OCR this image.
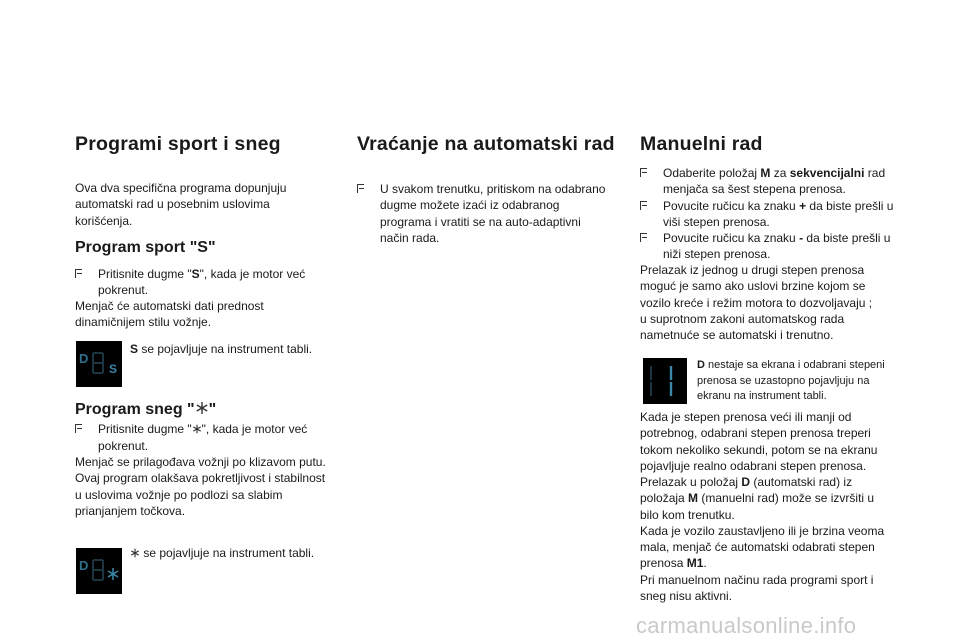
Programi sport i sneg
Ova dva specifična programa dopunjuju
automatski rad u posebnim uslovima
korišćenja.
Program sport "S"
Pritisnite dugme "S", kada je motor već
pokrenut.
Menjač će automatski dati prednost
dinamičnijem stilu vožnje.
D
S
S se pojavljuje na instrument tabli.
Program sneg " "
Pritisnite dugme " ", kada je motor već
pokrenut.
Menjač se prilagođava vožnji po klizavom putu.
Ovaj program olakšava pokretljivost i stabilnost
u uslovima vožnje po podlozi sa slabim
prianjanjem točkova.
D
se pojavljuje na instrument tabli.
Vraćanje na automatski rad
U svakom trenutku, pritiskom na odabrano
dugme možete izaći iz odabranog
programa i vratiti se na auto-adaptivni
način rada.
Manuelni rad
Odaberite položaj M za sekvencijalni rad
menjača sa šest stepena prenosa.
Povucite ručicu ka znaku + da biste prešli u
viši stepen prenosa.
Povucite ručicu ka znaku - da biste prešli u
niži stepen prenosa.
Prelazak iz jednog u drugi stepen prenosa
moguć je samo ako uslovi brzine kojom se
vozilo kreće i režim motora to dozvoljavaju ;
u suprotnom zakoni automatskog rada
nametnuće se automatski i trenutno.
1
D nestaje sa ekrana i odabrani stepeni
prenosa se uzastopno pojavljuju na
ekranu na instrument tabli.
Kada je stepen prenosa veći ili manji od
potrebnog, odabrani stepen prenosa treperi
tokom nekoliko sekundi, potom se na ekranu
pojavljuje realno odabrani stepen prenosa.
Prelazak u položaj D (automatski rad) iz
položaja M (manuelni rad) može se izvršiti u
bilo kom trenutku.
Kada je vozilo zaustavljeno ili je brzina veoma
mala, menjač će automatski odabrati stepen
prenosa M1.
Pri manuelnom načinu rada programi sport i
sneg nisu aktivni.
carmanualsonline.info
